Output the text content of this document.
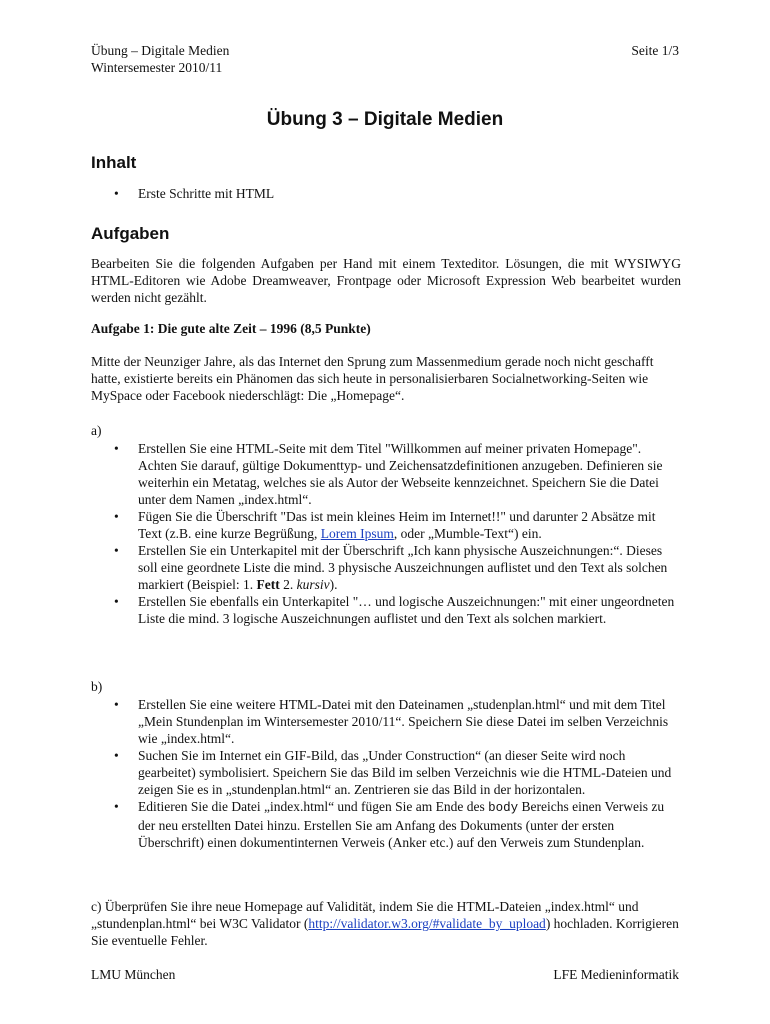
Übung – Digitale Medien
Wintersemester 2010/11
Seite 1/3
Übung 3 – Digitale Medien
Inhalt
• Erste Schritte mit HTML
Aufgaben
Bearbeiten Sie die folgenden Aufgaben per Hand mit einem Texteditor. Lösungen, die mit WYSIWYG HTML-Editoren wie Adobe Dreamweaver, Frontpage oder Microsoft Expression Web bearbeitet wurden werden nicht gezählt.
Aufgabe 1: Die gute alte Zeit – 1996 (8,5 Punkte)
Mitte der Neunziger Jahre, als das Internet den Sprung zum Massenmedium gerade noch nicht geschafft hatte, existierte bereits ein Phänomen das sich heute in personalisierbaren Socialnetworking-Seiten wie MySpace oder Facebook niederschlägt: Die „Homepage“.
a)
• Erstellen Sie eine HTML-Seite mit dem Titel "Willkommen auf meiner privaten Homepage". Achten Sie darauf, gültige Dokumenttyp- und Zeichensatzdefinitionen anzugeben. Definieren sie weiterhin ein Metatag, welches sie als Autor der Webseite kennzeichnet. Speichern Sie die Datei unter dem Namen „index.html“.
• Fügen Sie die Überschrift "Das ist mein kleines Heim im Internet!!" und darunter 2 Absätze mit Text (z.B. eine kurze Begrüßung, Lorem Ipsum, oder „Mumble-Text“) ein.
• Erstellen Sie ein Unterkapitel mit der Überschrift „Ich kann physische Auszeichnungen:“. Dieses soll eine geordnete Liste die mind. 3 physische Auszeichnungen auflistet und den Text als solchen markiert (Beispiel: 1. Fett 2. kursiv).
• Erstellen Sie ebenfalls ein Unterkapitel "… und logische Auszeichnungen:" mit einer ungeordneten Liste die mind. 3 logische Auszeichnungen auflistet und den Text als solchen markiert.
b)
• Erstellen Sie eine weitere HTML-Datei mit den Dateinamen „studenplan.html“ und mit dem Titel „Mein Stundenplan im Wintersemester 2010/11“. Speichern Sie diese Datei im selben Verzeichnis wie „index.html“.
• Suchen Sie im Internet ein GIF-Bild, das „Under Construction“ (an dieser Seite wird noch gearbeitet) symbolisiert. Speichern Sie das Bild im selben Verzeichnis wie die HTML-Dateien und zeigen Sie es in „stundenplan.html“ an. Zentrieren sie das Bild in der horizontalen.
• Editieren Sie die Datei „index.html“ und fügen Sie am Ende des body Bereichs einen Verweis zu der neu erstellten Datei hinzu. Erstellen Sie am Anfang des Dokuments (unter der ersten Überschrift) einen dokumentinternen Verweis (Anker etc.) auf den Verweis zum Stundenplan.
c) Überprüfen Sie ihre neue Homepage auf Validität, indem Sie die HTML-Dateien „index.html“ und „stundenplan.html“ bei W3C Validator (http://validator.w3.org/#validate_by_upload) hochladen. Korrigieren Sie eventuelle Fehler.
LMU München	LFE Medieninformatik
